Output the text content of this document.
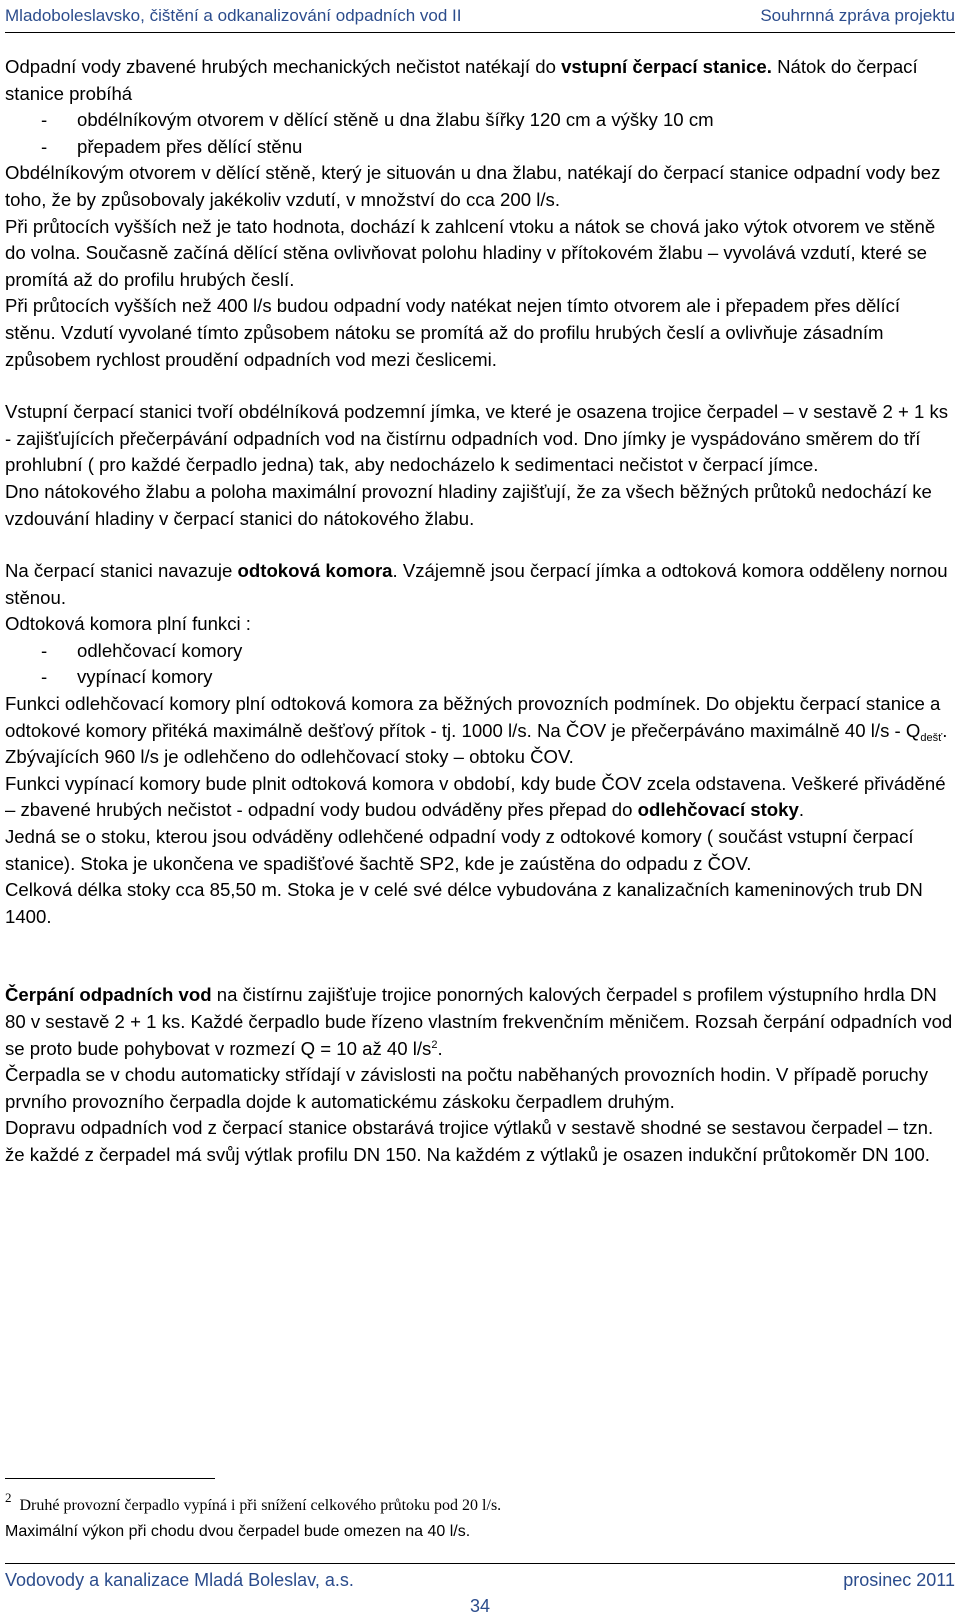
Mladoboleslavsko, čištění a odkanalizování odpadních vod II	Souhrnná zpráva projektu

Odpadní vody zbavené hrubých mechanických nečistot natékají do vstupní čerpací stanice. Nátok do čerpací stanice probíhá

-	obdélníkovým otvorem v dělící stěně u dna žlabu šířky 120 cm a výšky 10 cm
-	přepadem přes dělící stěnu

Obdélníkovým otvorem v dělící stěně, který je situován u dna žlabu, natékají do čerpací stanice odpadní vody bez toho, že by způsobovaly jakékoliv vzdutí, v množství do cca 200 l/s.

Při průtocích vyšších než je tato hodnota, dochází k zahlcení vtoku a nátok se chová jako výtok otvorem ve stěně do volna. Současně začíná dělící stěna ovlivňovat polohu hladiny v přítokovém žlabu – vyvolává vzdutí, které se promítá až do profilu hrubých česlí.

Při průtocích vyšších než 400 l/s budou odpadní vody natékat nejen tímto otvorem ale i přepadem přes dělící stěnu. Vzdutí vyvolané tímto způsobem nátoku se promítá až do profilu hrubých česlí a ovlivňuje zásadním způsobem rychlost proudění odpadních vod mezi česlicemi.

Vstupní čerpací stanici tvoří obdélníková podzemní jímka, ve které je osazena trojice čerpadel – v sestavě 2 + 1 ks - zajišťujících přečerpávání odpadních vod na čistírnu odpadních vod. Dno jímky je vyspádováno směrem do tří prohlubní ( pro každé čerpadlo jedna) tak, aby nedocházelo k sedimentaci nečistot v čerpací jímce.

Dno nátokového žlabu a poloha maximální provozní hladiny zajišťují, že za všech běžných průtoků nedochází ke vzdouvání hladiny v čerpací stanici do nátokového žlabu.

Na čerpací stanici navazuje odtoková komora. Vzájemně jsou čerpací jímka a odtoková komora odděleny nornou stěnou.

Odtoková komora plní funkci :

-	odlehčovací komory
-	vypínací komory

Funkci odlehčovací komory plní odtoková komora za běžných provozních podmínek. Do objektu čerpací stanice a odtokové komory přitéká maximálně dešťový přítok - tj. 1000 l/s. Na ČOV je přečerpáváno maximálně 40 $l/s - Q_{dešť}$. Zbývajících 960 l/s je odlehčeno do odlehčovací stoky – obtoku ČOV.

Funkci vypínací komory bude plnit odtoková komora v období, kdy bude ČOV zcela odstavena. Veškeré přiváděné – zbavené hrubých nečistot - odpadní vody budou odváděny přes přepad do odlehčovací stoky.

Jedná se o stoku, kterou jsou odváděny odlehčené odpadní vody z odtokové komory ( součást vstupní čerpací stanice). Stoka je ukončena ve spadišťové šachtě SP2, kde je zaústěna do odpadu z ČOV.

Celková délka stoky cca 85,50 m. Stoka je v celé své délce vybudována z kanalizačních kameninových trub DN 1400.

Čerpání odpadních vod na čistírnu zajišťuje trojice ponorných kalových čerpadel s profilem výstupního hrdla DN 80 v sestavě 2 + 1 ks. Každé čerpadlo bude řízeno vlastním frekvenčním měničem. Rozsah čerpání odpadních vod se proto bude pohybovat v rozmezí Q = 10 až 40 $l/s^2$.

Čerpadla se v chodu automaticky střídají v závislosti na počtu naběhaných provozních hodin. V případě poruchy prvního provozního čerpadla dojde k automatickému záskoku čerpadlem druhým.

Dopravu odpadních vod z čerpací stanice obstarává trojice výtlaků v sestavě shodné se sestavou čerpadel – tzn. že každé z čerpadel má svůj výtlak profilu DN 150. Na každém z výtlaků je osazen indukční průtokoměr DN 100.

$^2$ Druhé provozní čerpadlo vypíná i při snížení celkového průtoku pod 20 l/s.
Maximální výkon při chodu dvou čerpadel bude omezen na 40 l/s.
Vodovody a kanalizace Mladá Boleslav, a.s.	prosinec 2011
34
